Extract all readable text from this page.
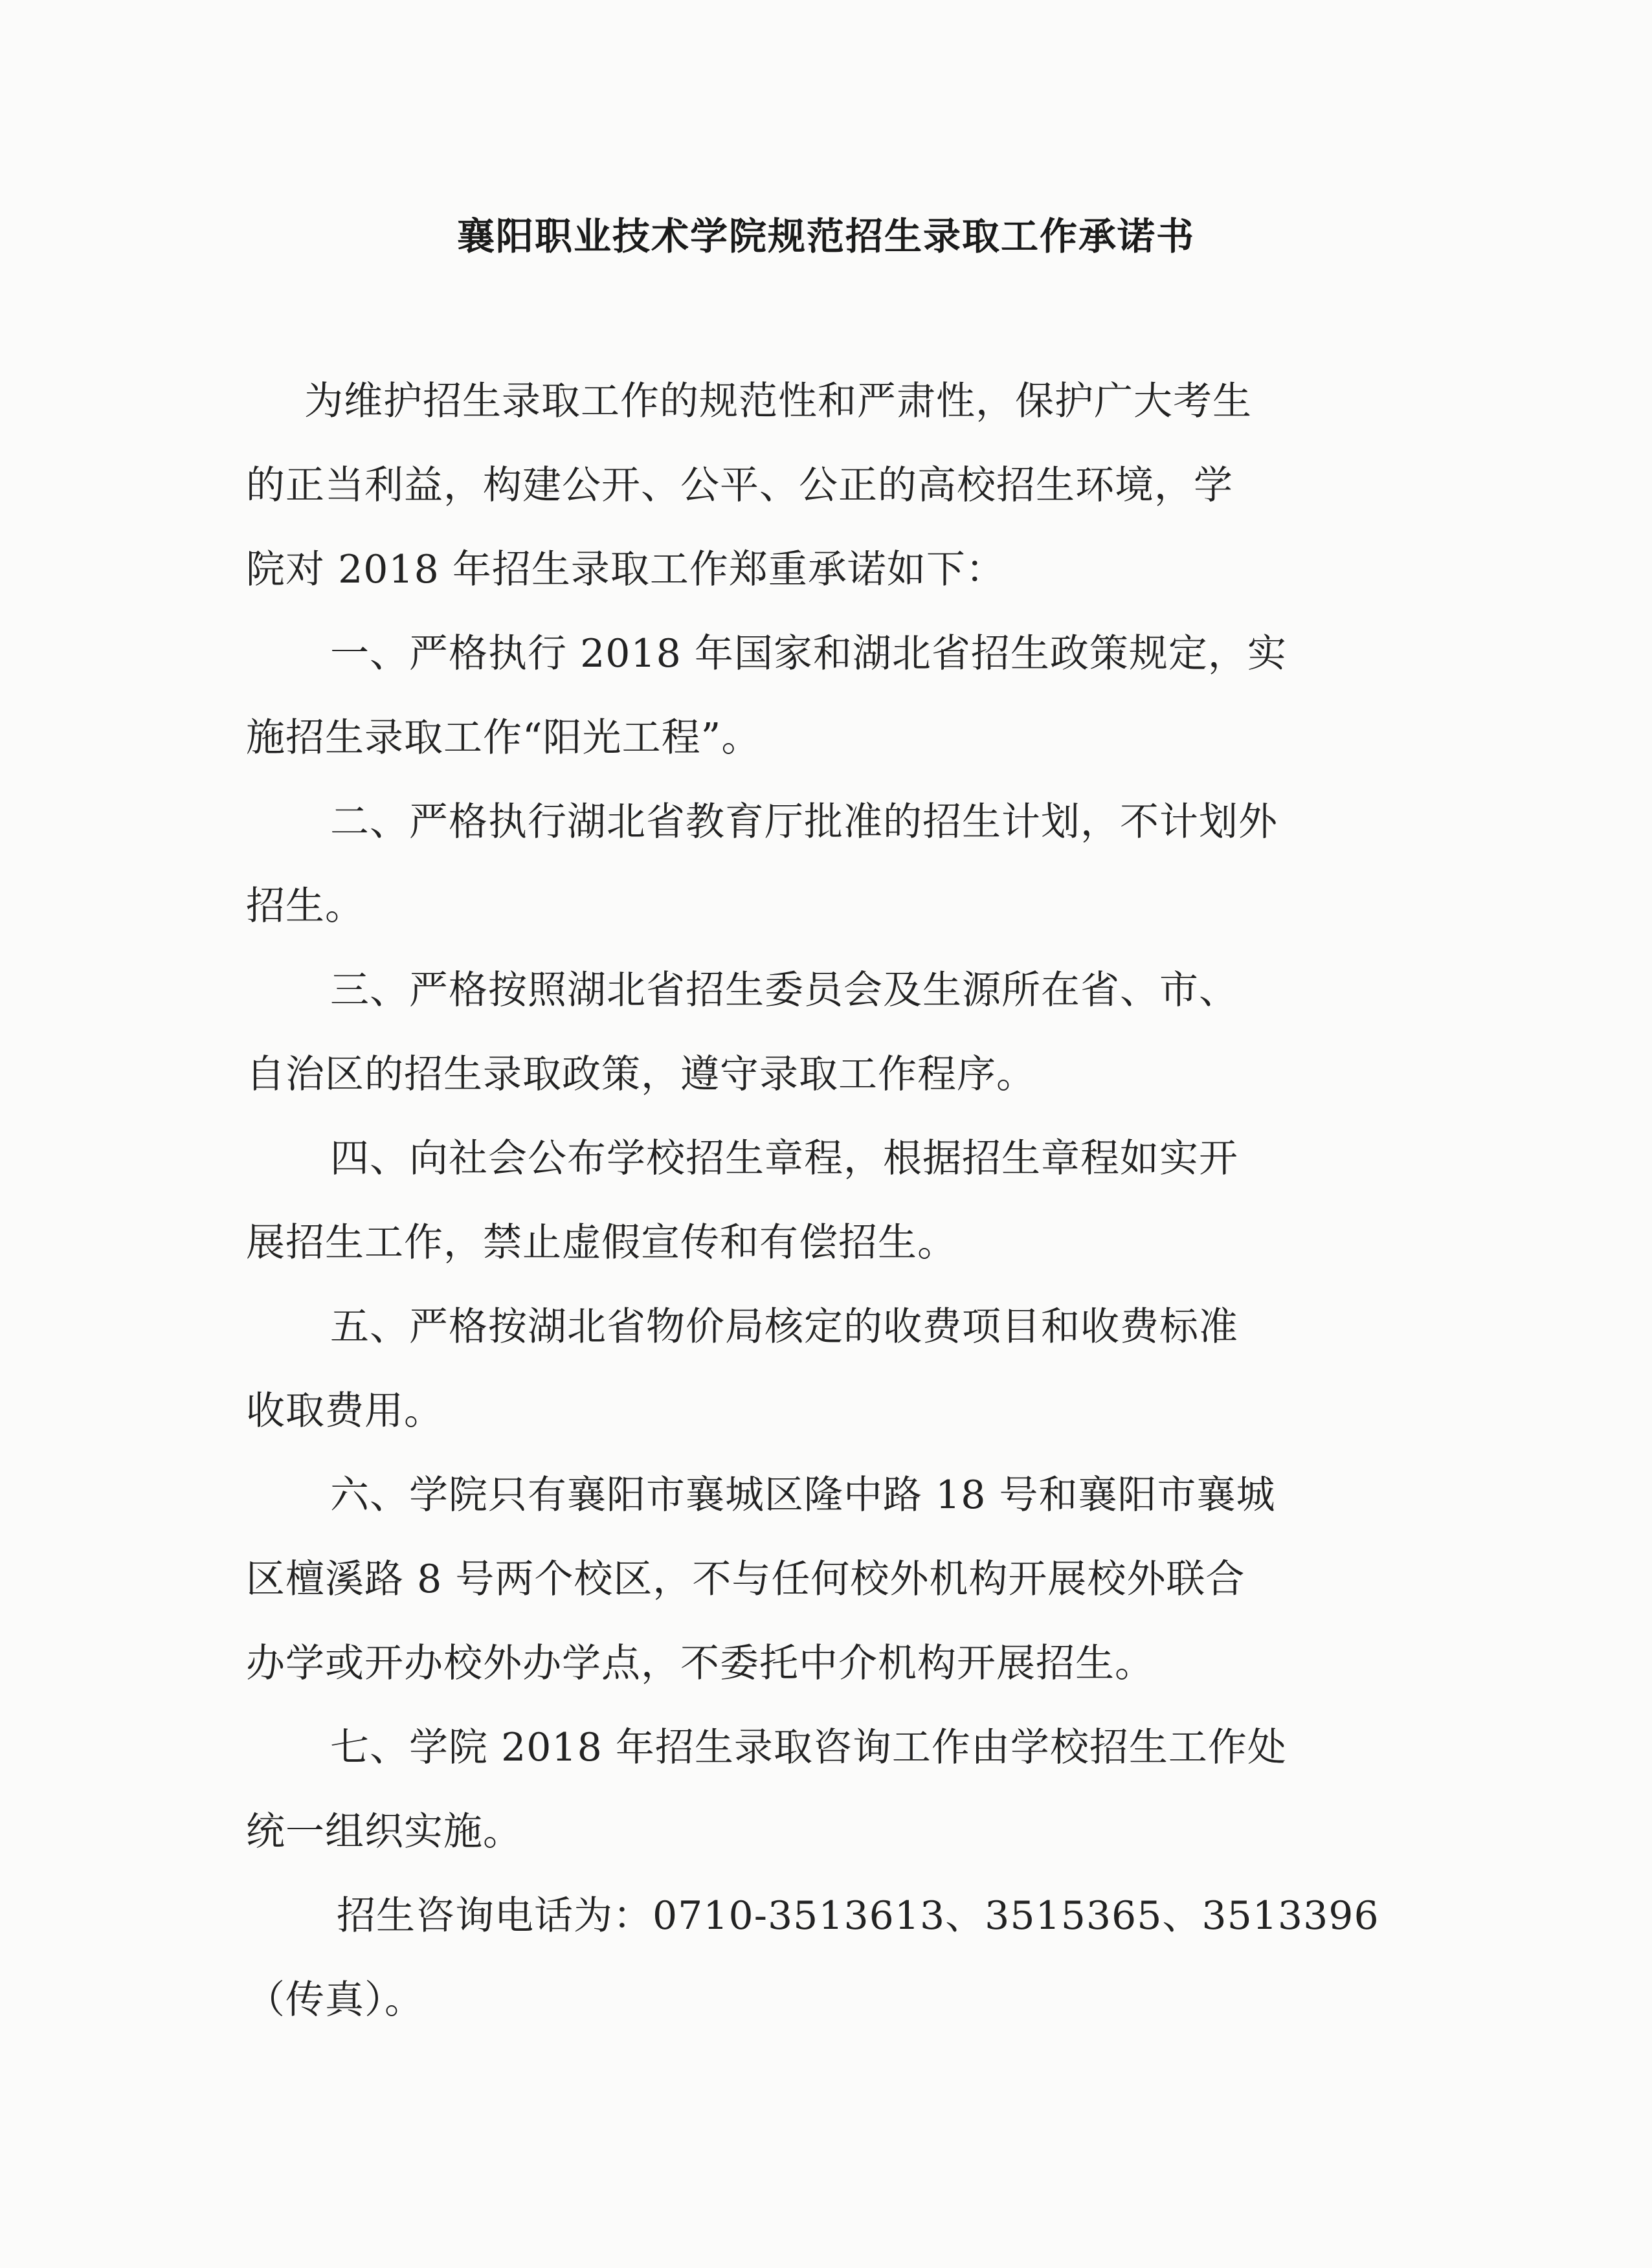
襄阳职业技术学院规范招生录取工作承诺书
为维护招生录取工作的规范性和严肃性，保护广大考生
的正当利益，构建公开、公平、公正的高校招生环境，学
院对 2018 年招生录取工作郑重承诺如下：
一、严格执行 2018 年国家和湖北省招生政策规定，实
施招生录取工作“阳光工程”。
二、严格执行湖北省教育厅批准的招生计划，不计划外
招生。
三、严格按照湖北省招生委员会及生源所在省、市、
自治区的招生录取政策，遵守录取工作程序。
四、向社会公布学校招生章程，根据招生章程如实开
展招生工作，禁止虚假宣传和有偿招生。
五、严格按湖北省物价局核定的收费项目和收费标准
收取费用。
六、学院只有襄阳市襄城区隆中路 18 号和襄阳市襄城
区檀溪路 8 号两个校区，不与任何校外机构开展校外联合
办学或开办校外办学点，不委托中介机构开展招生。
七、学院 2018 年招生录取咨询工作由学校招生工作处
统一组织实施。
招生咨询电话为：0710-3513613、3515365、3513396
（传真）。
